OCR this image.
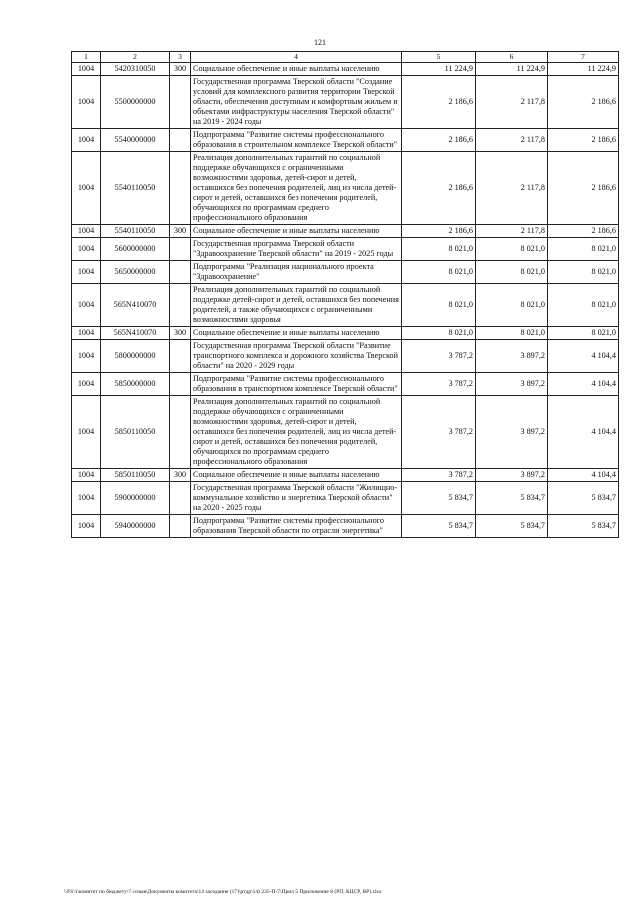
121
1	2	3	4	5	6	7
1004	5420310050	300	Социальное обеспечение и иные выплаты населению	11 224,9	11 224,9	11 224,9
1004	5500000000		Государственная программа Тверской области "Создание условий для комплексного развития территории Тверской области, обеспечения доступным и комфортным жильем и объектами инфраструктуры населения Тверской области" на 2019 - 2024 годы	2 186,6	2 117,8	2 186,6
1004	5540000000		Подпрограмма "Развитие системы профессионального образования в строительном комплексе Тверской области"	2 186,6	2 117,8	2 186,6
1004	5540110050		Реализация дополнительных гарантий по социальной поддержке обучающихся с ограниченными возможностями здоровья, детей-сирот и детей, оставшихся без попечения родителей, лиц из числа детей-сирот и детей, оставшихся без попечения родителей, обучающихся по программам среднего профессионального образования	2 186,6	2 117,8	2 186,6
1004	5540110050	300	Социальное обеспечение и иные выплаты населению	2 186,6	2 117,8	2 186,6
1004	5600000000		Государственная программа Тверской области "Здравоохранение Тверской области" на 2019 - 2025 годы	8 021,0	8 021,0	8 021,0
1004	5650000000		Подпрограмма "Реализация национального проекта "Здравоохранение"	8 021,0	8 021,0	8 021,0
1004	565N410070		Реализация дополнительных гарантий по социальной поддержке детей-сирот и детей, оставшихся без попечения родителей, а также обучающихся с ограниченными возможностями здоровья	8 021,0	8 021,0	8 021,0
1004	565N410070	300	Социальное обеспечение и иные выплаты населению	8 021,0	8 021,0	8 021,0
1004	5800000000		Государственная программа Тверской области "Развитие транспортного комплекса и дорожного хозяйства Тверской области" на 2020 - 2029 годы	3 787,2	3 897,2	4 104,4
1004	5850000000		Подпрограмма "Развитие системы профессионального образования в транспортном комплексе Тверской области"	3 787,2	3 897,2	4 104,4
1004	5850110050		Реализация дополнительных гарантий по социальной поддержке обучающихся с ограниченными возможностями здоровья, детей-сирот и детей, оставшихся без попечения родителей, лиц из числа детей-сирот и детей, оставшихся без попечения родителей, обучающихся по программам среднего профессионального образования	3 787,2	3 897,2	4 104,4
1004	5850110050	300	Социальное обеспечение и иные выплаты населению	3 787,2	3 897,2	4 104,4
1004	5900000000		Государственная программа Тверской области "Жилищно-коммунальное хозяйство и энергетика Тверской области" на 2020 - 2025 годы	5 834,7	5 834,7	5 834,7
1004	5940000000		Подпрограмма "Развитие системы профессионального образования Тверской области по отрасли энергетика"	5 834,7	5 834,7	5 834,7
\\FS\1\комитет по бюджету\7 созыв\Документы комитета\14 заседание (17)\ртдр\14) 235-П-7\Прил 5 Приложение 8 (РП, КЦСР, ВР).xlsx
